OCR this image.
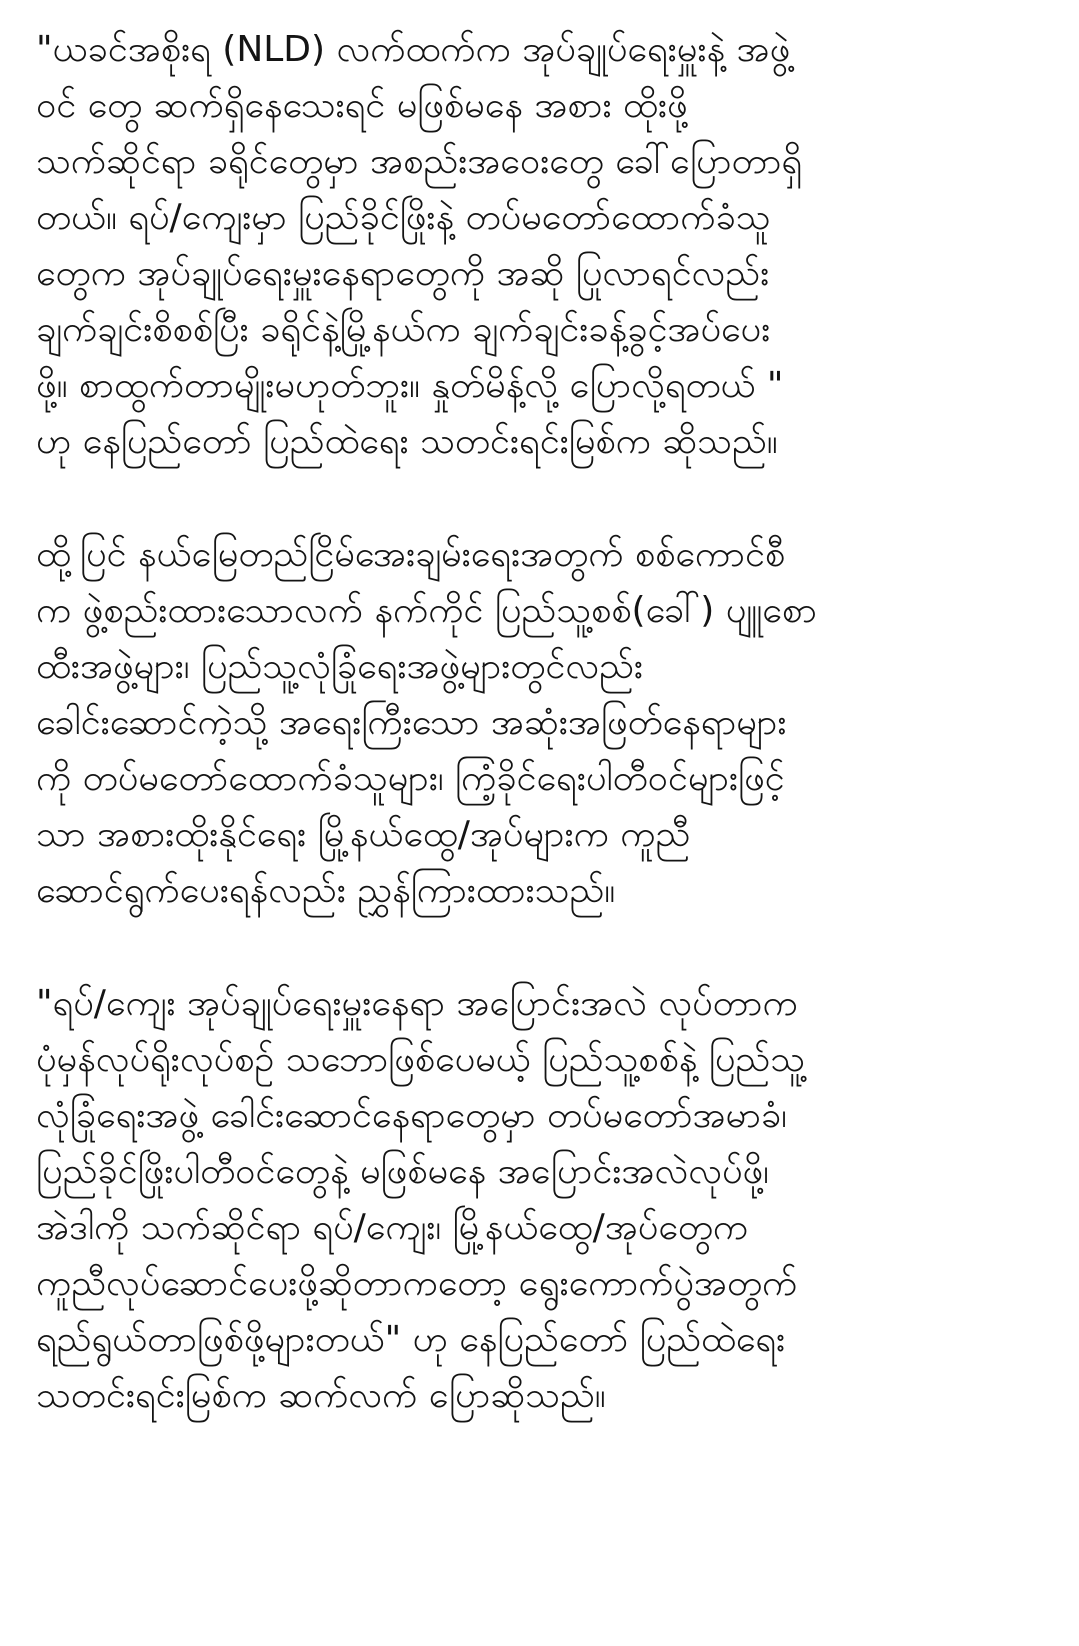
"ယခင်အစိုးရ (NLD) လက်ထက်က အုပ်ချုပ်ရေးမှူးနဲ့ အဖွဲ့
ဝင် တွေ ဆက်ရှိနေသေးရင် မဖြစ်မနေ အစား ထိုးဖို့
သက်ဆိုင်ရာ ခရိုင်တွေမှာ အစည်းအဝေးတွေ ခေါ်ပြောတာရှိ
တယ်။ ရပ်/ကျေးမှာ ပြည်ခိုင်ဖြိုးနဲ့ တပ်မတော်ထောက်ခံသူ
တွေက အုပ်ချုပ်ရေးမှူးနေရာတွေကို အဆို ပြုလာရင်လည်း
ချက်ချင်းစိစစ်ပြီး ခရိုင်နဲ့မြို့နယ်က ချက်ချင်းခန့်ခွင့်အပ်ပေး
ဖို့။ စာထွက်တာမျိုးမဟုတ်ဘူး။ နှုတ်မိန့်လို့ ပြောလို့ရတယ် "
ဟု နေပြည်တော် ပြည်ထဲရေး သတင်းရင်းမြစ်က ဆိုသည်။
ထို့ပြင် နယ်မြေတည်ငြိမ်အေးချမ်းရေးအတွက် စစ်ကောင်စီ
က ဖွဲ့စည်းထားသောလက် နက်ကိုင် ပြည်သူ့စစ်(ခေါ်) ပျူစော
ထီးအဖွဲ့များ၊ ပြည်သူ့လုံခြုံရေးအဖွဲ့များတွင်လည်း
ခေါင်းဆောင်ကဲ့သို့ အရေးကြီးသော အဆုံးအဖြတ်နေရာများ
ကို တပ်မတော်ထောက်ခံသူများ၊ ကြံ့ခိုင်ရေးပါတီဝင်များဖြင့်
သာ အစားထိုးနိုင်ရေး မြို့နယ်ထွေ/အုပ်များက ကူညီ
ဆောင်ရွက်ပေးရန်လည်း ညွှန်ကြားထားသည်။
"ရပ်/ကျေး အုပ်ချုပ်ရေးမှူးနေရာ အပြောင်းအလဲ လုပ်တာက
ပုံမှန်လုပ်ရိုးလုပ်စဉ် သဘောဖြစ်ပေမယ့် ပြည်သူ့စစ်နဲ့ ပြည်သူ့
လုံခြုံရေးအဖွဲ့ ခေါင်းဆောင်နေရာတွေမှာ တပ်မတော်အမာခံ၊
ပြည်ခိုင်ဖြိုးပါတီဝင်တွေနဲ့ မဖြစ်မနေ အပြောင်းအလဲလုပ်ဖို့၊
အဲဒါကို သက်ဆိုင်ရာ ရပ်/ကျေး၊ မြို့နယ်ထွေ/အုပ်တွေက
ကူညီလုပ်ဆောင်ပေးဖို့ဆိုတာကတော့ ရွေးကောက်ပွဲအတွက်
ရည်ရွယ်တာဖြစ်ဖို့များတယ်" ဟု နေပြည်တော် ပြည်ထဲရေး
သတင်းရင်းမြစ်က ဆက်လက် ပြောဆိုသည်။
